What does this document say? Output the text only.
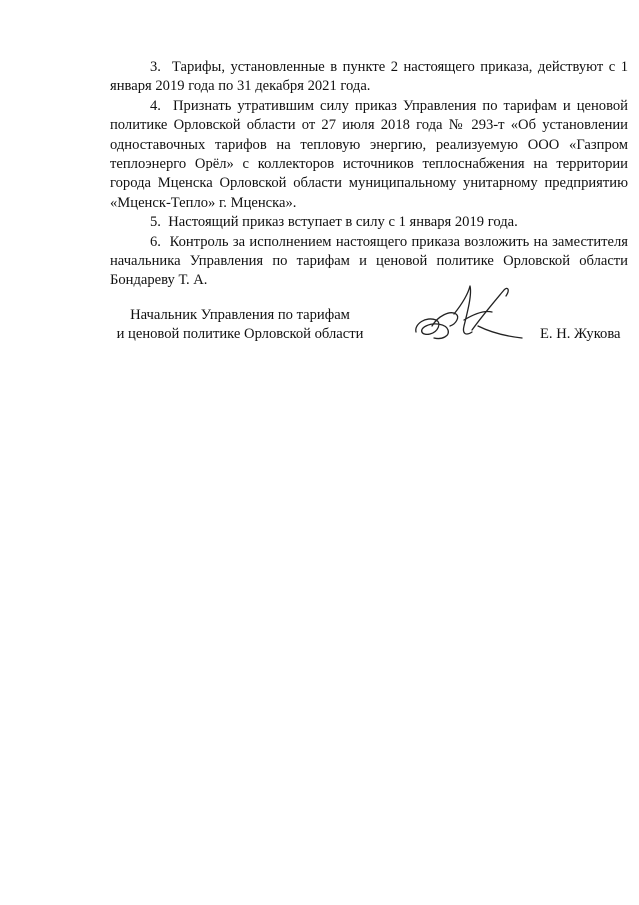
3. Тарифы, установленные в пункте 2 настоящего приказа, действуют с 1 января 2019 года по 31 декабря 2021 года.

4. Признать утратившим силу приказ Управления по тарифам и ценовой политике Орловской области от 27 июля 2018 года № 293-т «Об установлении одноставочных тарифов на тепловую энергию, реализуемую ООО «Газпром теплоэнерго Орёл» с коллекторов источников теплоснабжения на территории города Мценска Орловской области муниципальному унитарному предприятию «Мценск-Тепло» г. Мценска».

5. Настоящий приказ вступает в силу с 1 января 2019 года.

6. Контроль за исполнением настоящего приказа возложить на заместителя начальника Управления по тарифам и ценовой политике Орловской области Бондареву Т. А.

Начальник Управления по тарифам
и ценовой политике Орловской области	Е. Н. Жукова
